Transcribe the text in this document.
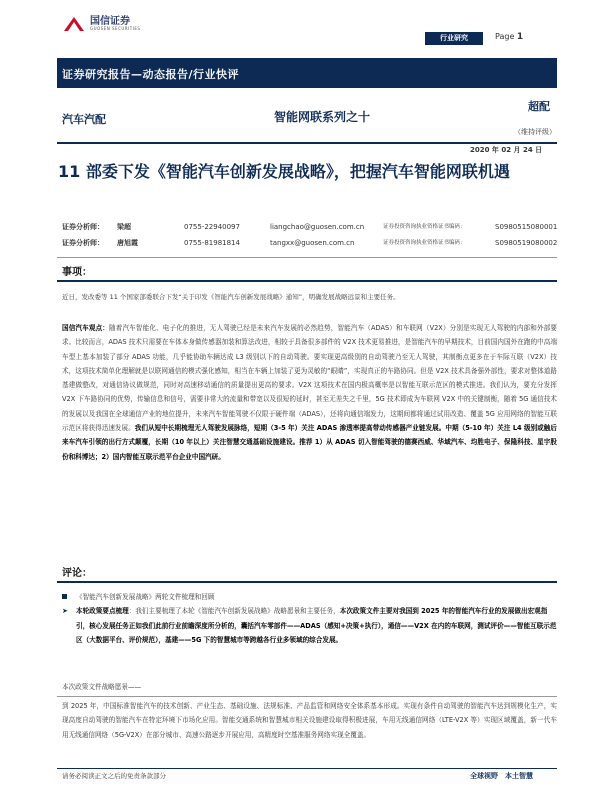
国信证券
GUOSEN SECURITIES
行业研究	Page 1
证券研究报告—动态报告/行业快评
汽车汽配	智能网联系列之十
超配
（维持评级）
2020 年 02 月 24 日
11 部委下发《智能汽车创新发展战略》，把握汽车智能网联机遇
证券分析师： 梁超	0755-22940097	liangchao@guosen.com.cn	证券投资咨询执业资格证书编码：	S0980515080001
证券分析师： 唐旭霞	0755-81981814	tangxx@guosen.com.cn	证券投资咨询执业资格证书编码：	S0980519080002
事项：
近日，发改委等 11 个国家部委联合下发“关于印发《智能汽车创新发展战略》通知”，明确发展战略远景和主要任务。
国信汽车观点：随着汽车智能化、电子化的推进，无人驾驶已经是未来汽车发展的必然趋势，智能汽车（ADAS）和车联网（V2X）分别是实现无人驾驶的内部和外部要求。比较而言，ADAS 技术只需要在车体本身做传感器加装和算法改进，相较于具备很多部件的 V2X 技术更易推进，是智能汽车的早期技术，目前国内国外在跑的中高端车型上基本加装了部分 ADAS 功能，几乎能协助车辆达成 L3 级别以下的自动驾驶。要实现更高级别的自动驾驶乃至无人驾驶，其制衡点更多在于车际互联（V2X）技术，这项技术简单化理解就是以联网通信的模式强化感知，相当在车辆上加装了更为灵敏的“眼睛”，实现真正的车路协同。但是 V2X 技术具备强外部性，要求对整体道路基建做整改，对通信协议做规范，同时对高速移动通信的质量提出更高的要求。V2X 这项技术在国内极高概率是以智能互联示范区的模式推进。我们认为，要充分发挥 V2X 下车路协同的优势，传输信息和信号，需要非常大的流量和带宽以及很短的延时，甚至无差失之千里，5G 技术即成为车联网 V2X 中的关键制衡，随着 5G 通信技术的发展以及我国在全球通信产业的地位提升，未来汽车智能驾驶不仅限于硬件端（ADAS），还将向通信端发力，这期间都将通过试用改造、覆盖 5G 应用网络的智能互联示范区将获得迅速发展。我们从短中长期梳理无人驾驶发展脉络，短期（3-5 年）关注 ADAS 渗透率提高带动传感器产业链发展。中期（5-10 年）关注 L4 级别或触后来车汽车引领的出行方式颠覆，长期（10 年以上）关注智慧交通基础设施建设。推荐 1）从 ADAS 切入智能驾驶的德赛西威、华域汽车、均胜电子、保隆科技、星宇股份和科博达；2）国内智能互联示范平台企业中国汽研。
评论：
《智能汽车创新发展战略》两轮文件梳理和回顾
➤ 本轮政策要点梳理：我们主要梳理了本轮《智能汽车创新发展战略》战略愿景和主要任务，本次政策文件主要对我国到 2025 年的智能汽车行业的发展做出宏观指引，核心发展任务正如我们此前行业前瞻深度所分析的，囊括汽车零部件——ADAS（感知+决策+执行），通信——V2X 在内的车联网，测试评价——智能互联示范区（大数据平台、评价规范），基建——5G 下的智慧城市等跨越各行业多领域的综合发展。
本次政策文件战略愿景——
到 2025 年，中国标准智能汽车的技术创新、产业生态、基础设施、法规标准、产品监管和网络安全体系基本形成。实现有条件自动驾驶的智能汽车达到规模化生产，实现高度自动驾驶的智能汽车在特定环境下市场化应用。智能交通系统和智慧城市相关设施建设取得积极进展，车用无线通信网络（LTE-V2X 等）实现区域覆盖，新一代车用无线通信网络（5G-V2X）在部分城市、高速公路逐步开展应用，高精度时空基准服务网络实现全覆盖。
请务必阅读正文之后的免责条款部分	全球视野　本土智慧
